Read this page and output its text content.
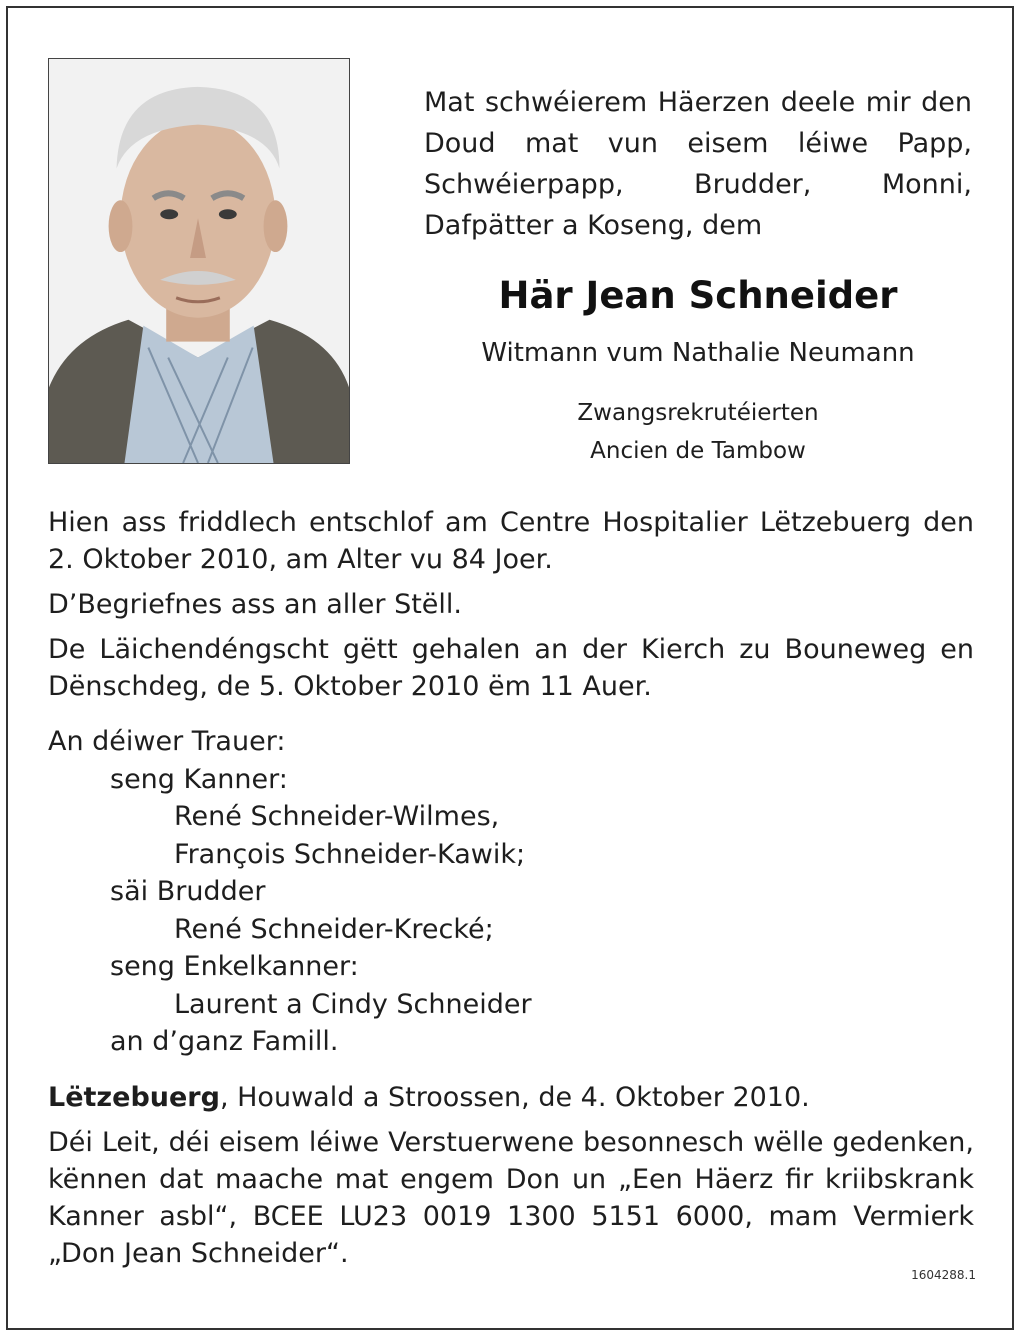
Mat schwéierem Häerzen deele mir den Doud mat vun eisem léiwe Papp, Schwéierpapp, Brudder, Monni, Dafpätter a Koseng, dem

Här Jean Schneider

Witmann vum Nathalie Neumann

Zwangsrekrutéierten
Ancien de Tambow

Hien ass friddlech entschlof am Centre Hospitalier Lëtzebuerg den 2. Oktober 2010, am Alter vu 84 Joer.

D’Begriefnes ass an aller Stëll.

De Läichendéngscht gëtt gehalen an der Kierch zu Bouneweg en Dënschdeg, de 5. Oktober 2010 ëm 11 Auer.

An déiwer Trauer:
seng Kanner:
René Schneider-Wilmes,
François Schneider-Kawik;
säi Brudder
René Schneider-Krecké;
seng Enkelkanner:
Laurent a Cindy Schneider
an d’ganz Famill.

Lëtzebuerg, Houwald a Stroossen, de 4. Oktober 2010.

Déi Leit, déi eisem léiwe Verstuerwene besonnesch wëlle gedenken, kënnen dat maache mat engem Don un „Een Häerz fir kriibskrank Kanner asbl“, BCEE LU23 0019 1300 5151 6000, mam Vermierk „Don Jean Schneider“.

1604288.1
